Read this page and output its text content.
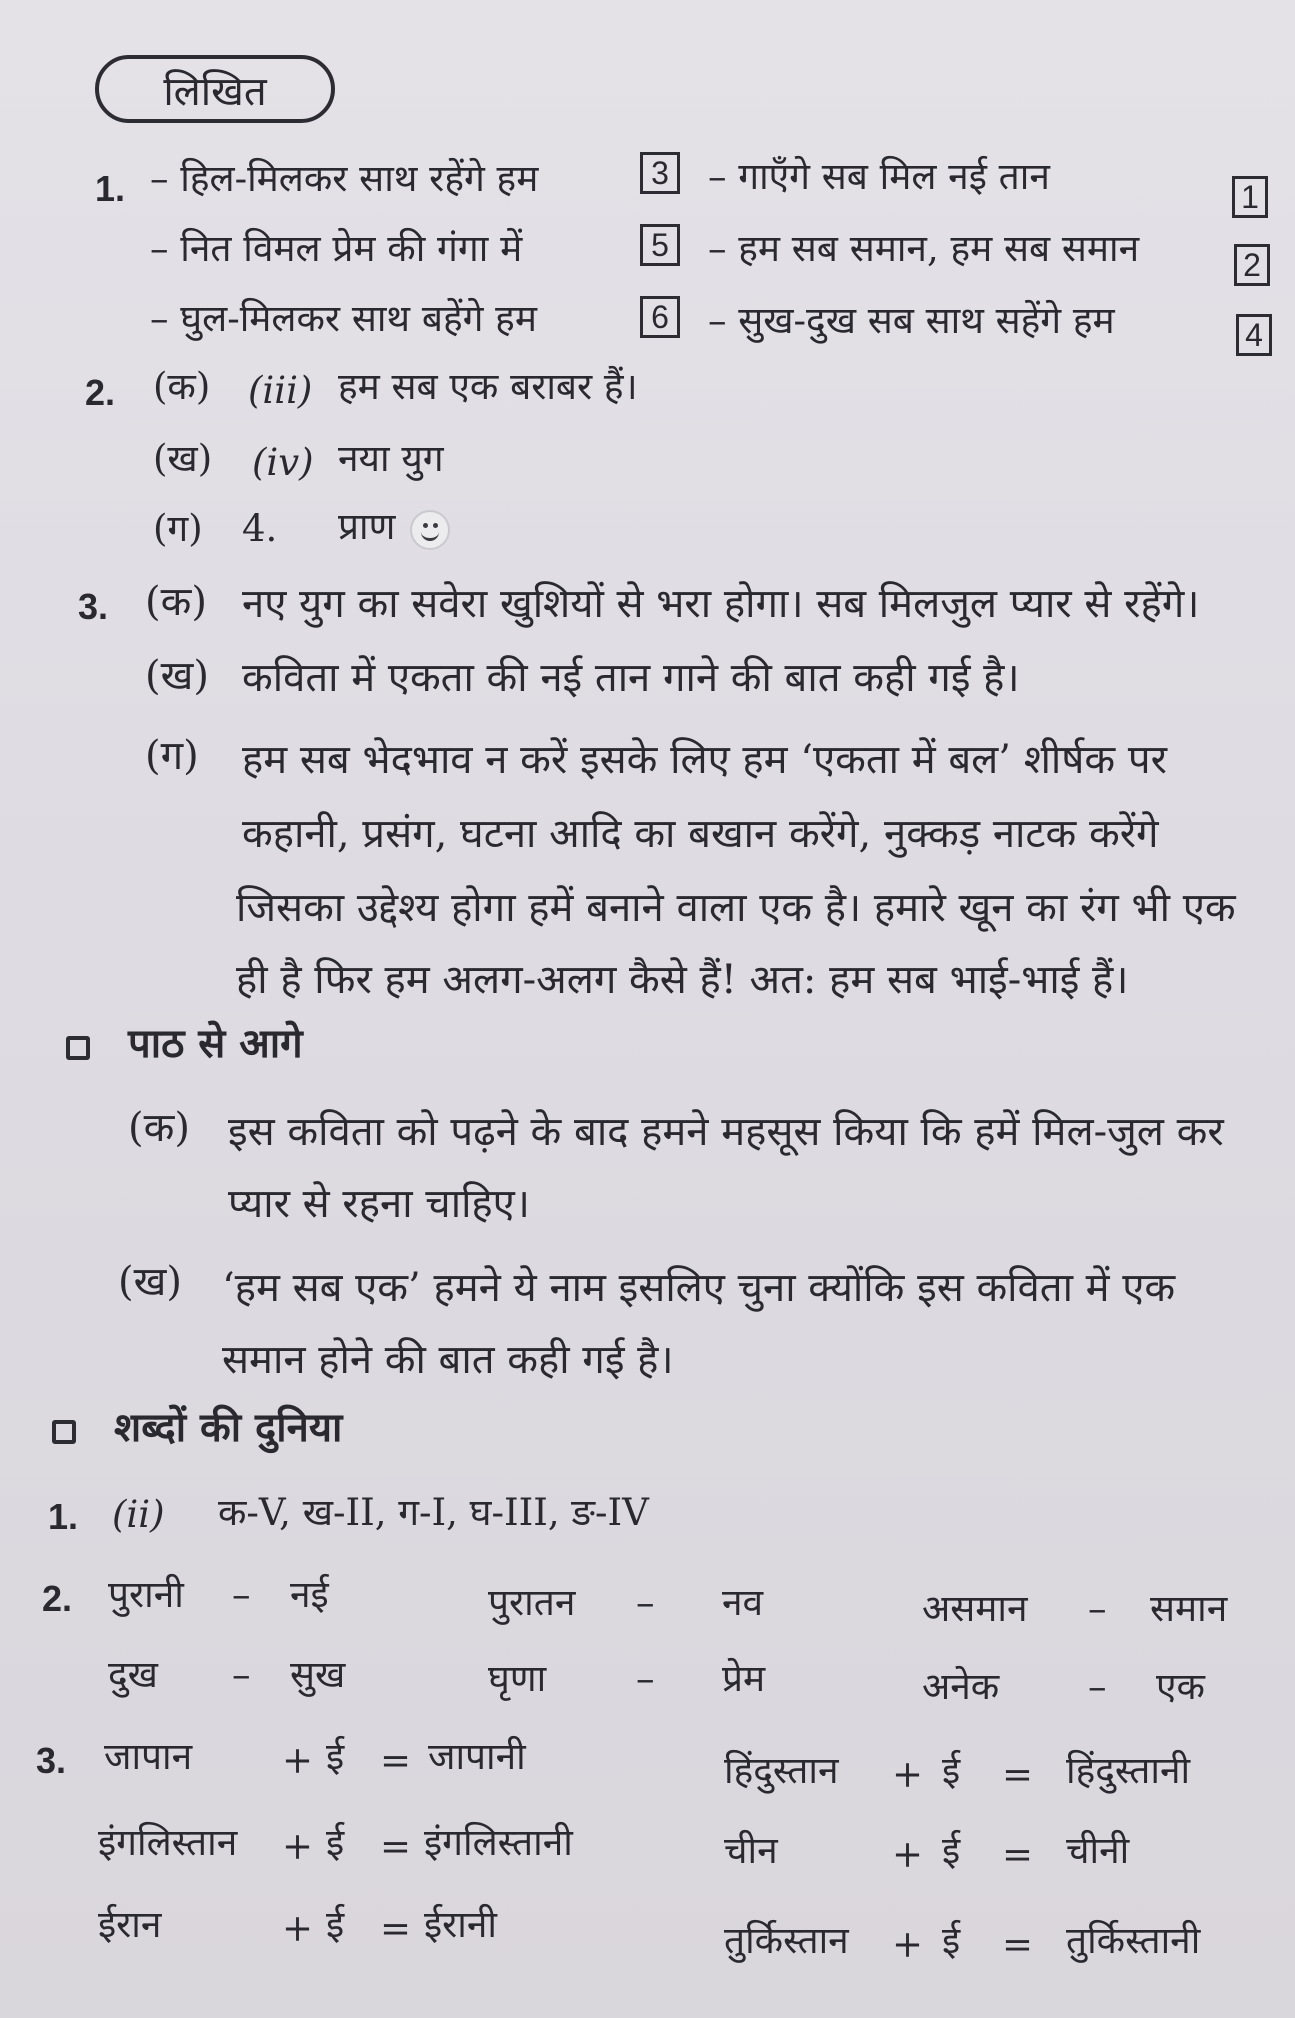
लिखित
1. – हिल-मिलकर साथ रहेंगे हम	3 – गाएँगे सब मिल नई तान	1
– नित विमल प्रेम की गंगा में	5 – हम सब समान, हम सब समान	2
– घुल-मिलकर साथ बहेंगे हम	6 – सुख-दुख सब साथ सहेंगे हम	4
2. (क) (iii) हम सब एक बराबर हैं।
(ख) (iv) नया युग
(ग) 4. प्राण
3. (क) नए युग का सवेरा खुशियों से भरा होगा। सब मिलजुल प्यार से रहेंगे।
(ख) कविता में एकता की नई तान गाने की बात कही गई है।
(ग) हम सब भेदभाव न करें इसके लिए हम ‘एकता में बल’ शीर्षक पर
कहानी, प्रसंग, घटना आदि का बखान करेंगे, नुक्कड़ नाटक करेंगे
जिसका उद्देश्य होगा हमें बनाने वाला एक है। हमारे खून का रंग भी एक
ही है फिर हम अलग-अलग कैसे हैं! अत: हम सब भाई-भाई हैं।
पाठ से आगे
(क) इस कविता को पढ़ने के बाद हमने महसूस किया कि हमें मिल-जुल कर
प्यार से रहना चाहिए।
(ख) ‘हम सब एक’ हमने ये नाम इसलिए चुना क्योंकि इस कविता में एक
समान होने की बात कही गई है।
शब्दों की दुनिया
1. (ii) क-V, ख-II, ग-I, घ-III, ङ-IV
2. पुरानी – नई	पुरातन – नव	असमान – समान
दुख – सुख	घृणा – प्रेम	अनेक – एक
3. जापान + ई = जापानी	हिंदुस्तान + ई = हिंदुस्तानी
इंगलिस्तान + ई = इंगलिस्तानी	चीन	+ ई = चीनी
ईरान	+ ई = ईरानी	तुर्किस्तान + ई = तुर्किस्तानी
